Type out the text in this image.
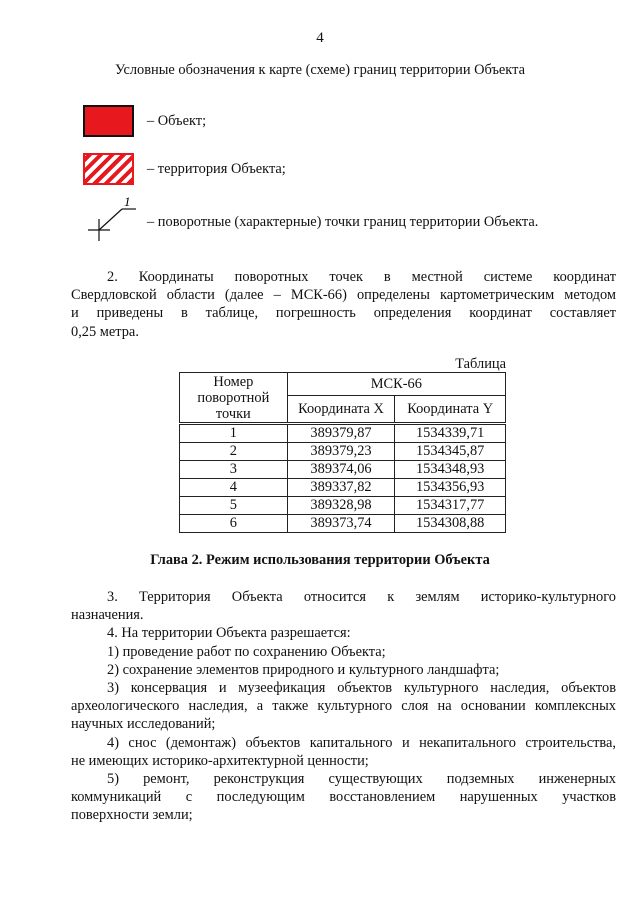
4
Условные обозначения к карте (схеме) границ территории Объекта
– Объект;
– территория Объекта;
1
– поворотные (характерные) точки границ территории Объекта.
2. Координаты поворотных точек в местной системе координат
Свердловской области (далее – МСК-66) определены картометрическим методом
и приведены в таблице, погрешность определения координат составляет
0,25 метра.
Таблица
Номер поворотной точки	МСК-66	
	Координата X	Координата Y
1	389379,87	1534339,71
2	389379,23	1534345,87
3	389374,06	1534348,93
4	389337,82	1534356,93
5	389328,98	1534317,77
6	389373,74	1534308,88
Глава 2. Режим использования территории Объекта
3. Территория Объекта относится к землям историко-культурного
назначения.
4. На территории Объекта разрешается:
1) проведение работ по сохранению Объекта;
2) сохранение элементов природного и культурного ландшафта;
3) консервация и музеефикация объектов культурного наследия, объектов
археологического наследия, а также культурного слоя на основании комплексных
научных исследований;
4) снос (демонтаж) объектов капитального и некапитального строительства,
не имеющих историко-архитектурной ценности;
5) ремонт, реконструкция существующих подземных инженерных
коммуникаций с последующим восстановлением нарушенных участков
поверхности земли;
